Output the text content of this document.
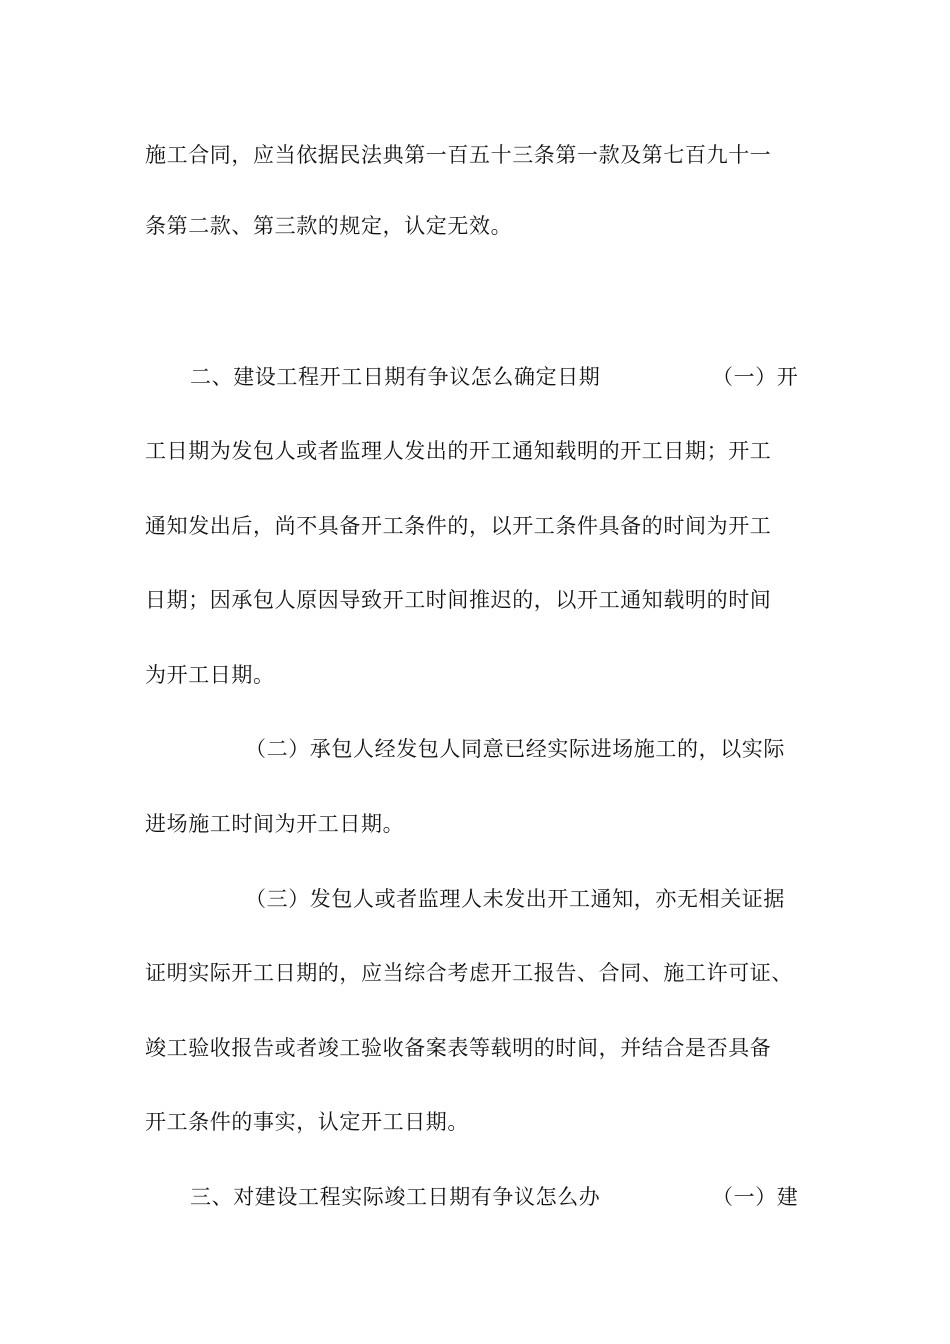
施工合同，应当依据民法典第一百五十三条第一款及第七百九十一
条第二款、第三款的规定，认定无效。
二、建设工程开工日期有争议怎么确定日期	（一）开
工日期为发包人或者监理人发出的开工通知载明的开工日期；开工
通知发出后，尚不具备开工条件的，以开工条件具备的时间为开工
日期；因承包人原因导致开工时间推迟的，以开工通知载明的时间
为开工日期。
（二）承包人经发包人同意已经实际进场施工的，以实际
进场施工时间为开工日期。
（三）发包人或者监理人未发出开工通知，亦无相关证据
证明实际开工日期的，应当综合考虑开工报告、合同、施工许可证、
竣工验收报告或者竣工验收备案表等载明的时间，并结合是否具备
开工条件的事实，认定开工日期。
三、对建设工程实际竣工日期有争议怎么办	（一）建
